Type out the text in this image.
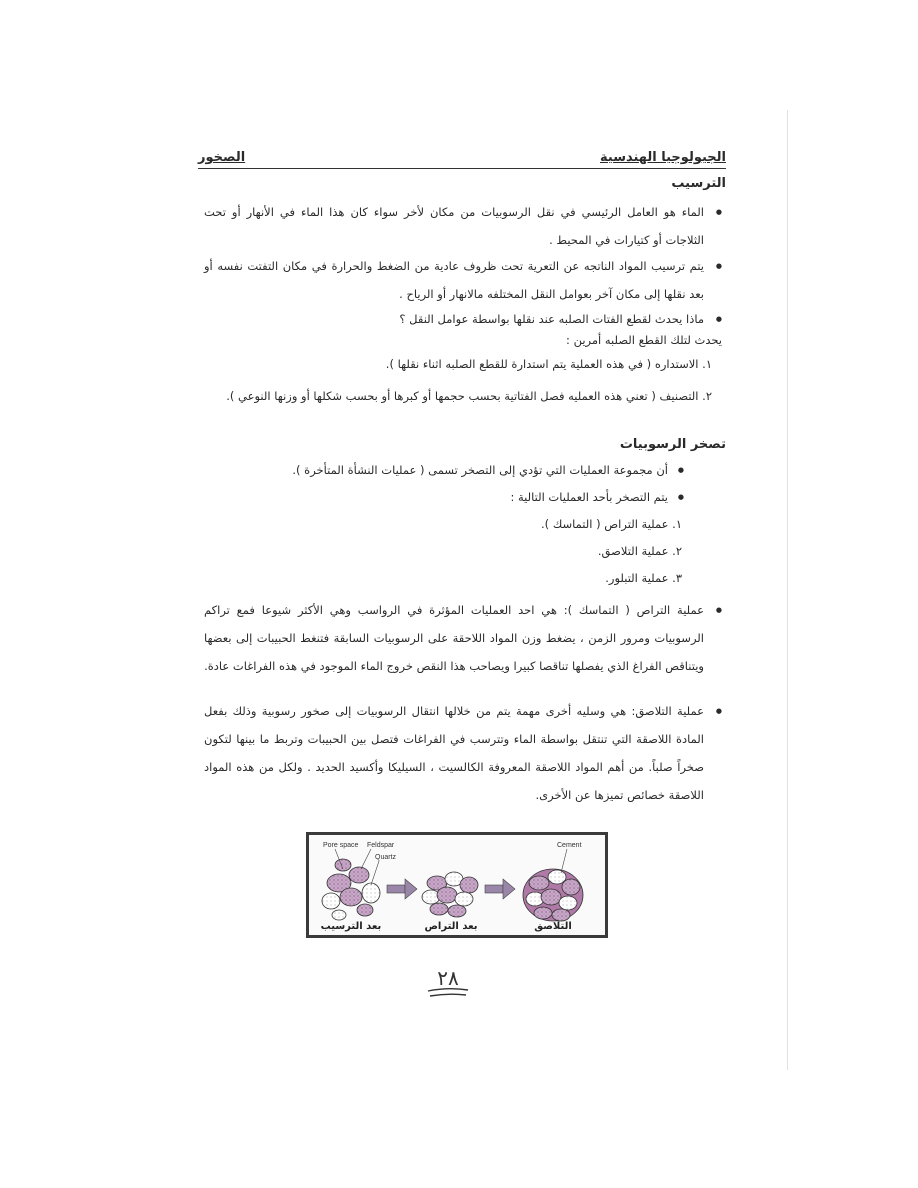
الجيولوجيا الهندسية
الصخور
الترسيب
● الماء هو العامل الرئيسي في نقل الرسوبيات من مكان لأخر سواء كان هذا الماء في الأنهار أو تحت الثلاجات أو كتيارات في المحيط .
● يتم ترسيب المواد الناتجه عن التعرية تحت ظروف عادية من الضغط والحرارة في مكان التفتت نفسه أو بعد نقلها إلى مكان آخر بعوامل النقل المختلفه مالانهار أو الرياح .
● ماذا يحدث لقطع الفتات الصلبه عند نقلها بواسطة عوامل النقل ؟
يحدث لتلك القطع الصلبه أمرين :
١. الاستداره ( في هذه العملية يتم استدارة للقطع الصلبه اثناء نقلها ).
٢. التصنيف ( تعني هذه العمليه فصل الفتاتية بحسب حجمها أو كبرها أو بحسب شكلها أو وزنها النوعي ).
تصخر الرسوبيات
●
أن مجموعة العمليات التي تؤدي إلى التصخر تسمى ( عمليات النشأة المتأخرة ).
●
يتم التصخر بأحد العمليات التالية :
١. عملية التراص ( التماسك ).
٢. عملية التلاصق.
٣. عملية التبلور.
● عملية التراص ( التماسك ): هي احد العمليات المؤثرة في الرواسب وهي الأكثر شيوعا فمع تراكم الرسوبيات ومرور الزمن ، يضغط وزن المواد اللاحقة على الرسوبيات السابقة فتنغط الحبيبات إلى بعضها ويتناقص الفراغ الذي يفصلها تناقصا كبيرا ويصاحب هذا النقص خروج الماء الموجود في هذه الفراغات عادة.
● عملية التلاصق: هي وسليه أخرى مهمة يتم من خلالها انتقال الرسوبيات إلى صخور رسوبية وذلك بفعل المادة اللاصقة التي تنتقل بواسطة الماء وتترسب في الفراغات فتصل بين الحبيبات وتربط ما بينها لتكون صخراً صلباً. من أهم المواد اللاصقة المعروفة الكالسيت ، السيليكا وأكسيد الحديد . ولكل من هذه المواد اللاصقة خصائص تميزها عن الأخرى.
Pore space Feldspar
Quartz
Cement
بعد الترسيب	بعد التراص	التلاصق
٢٨
